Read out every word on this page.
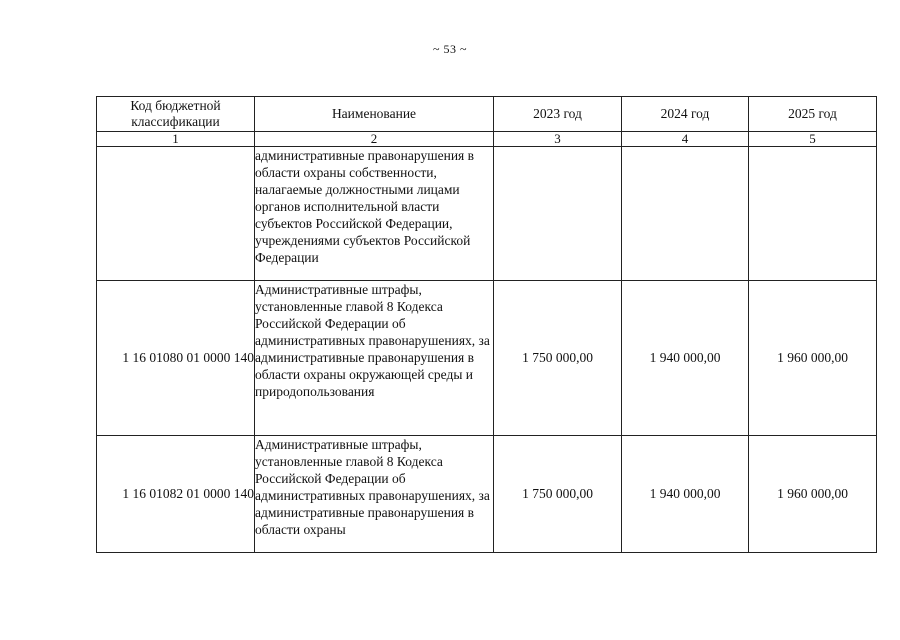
~ 53 ~
Код бюджетной классификации	Наименование	2023 год	2024 год	2025 год
1	2	3	4	5
	административные правонарушения в области охраны собственности, налагаемые должностными лицами органов исполнительной власти субъектов Российской Федерации, учреждениями субъектов Российской Федерации			
1 16 01080 01 0000 140	Административные штрафы, установленные главой 8 Кодекса Российской Федерации об административных правонарушениях, за административные правонарушения в области охраны окружающей среды и природопользования	1 750 000,00	1 940 000,00	1 960 000,00
1 16 01082 01 0000 140	Административные штрафы, установленные главой 8 Кодекса Российской Федерации об административных правонарушениях, за административные правонарушения в области охраны	1 750 000,00	1 940 000,00	1 960 000,00
